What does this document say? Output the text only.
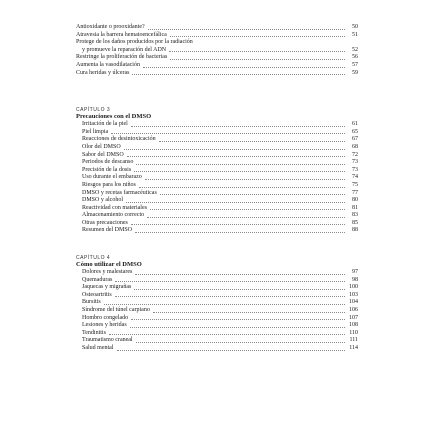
Antioxidante o prooxidante?	50
Atravesia la barrera hematoencefálica	51
Protege de los daños producidos por la radiación
y promueve la reparación del ADN	52
Restringe la proliferación de bacterias	56
Aumenta la vasodilatación	57
Cura heridas y úlceras	59
CAPÍTULO 3
Precauciones con el DMSO
Irritación de la piel	61
Piel limpia	65
Reacciones de desintoxicación	67
Olor del DMSO	68
Sabor del DMSO	72
Periodos de descanso	73
Precisión de la dosis	73
Uso durante el embarazo	74
Riesgos para los niños	75
DMSO y recetas farmacéuticas	77
DMSO y alcohol	80
Reactividad con materiales	81
Almacenamiento correcto	83
Otras precauciones	85
Resumen del DMSO	88
CAPÍTULO 4
Cómo utilizar el DMSO
Dolores y malestares	97
Quemaduras	98
Jaquecas y migrañas	100
Osteoartritis	103
Bursitis	104
Síndrome del túnel carpiano	106
Hombro congelado	107
Lesiones y heridas	108
Tendinitis	110
Traumatismo craneal	111
Salud mental	114
